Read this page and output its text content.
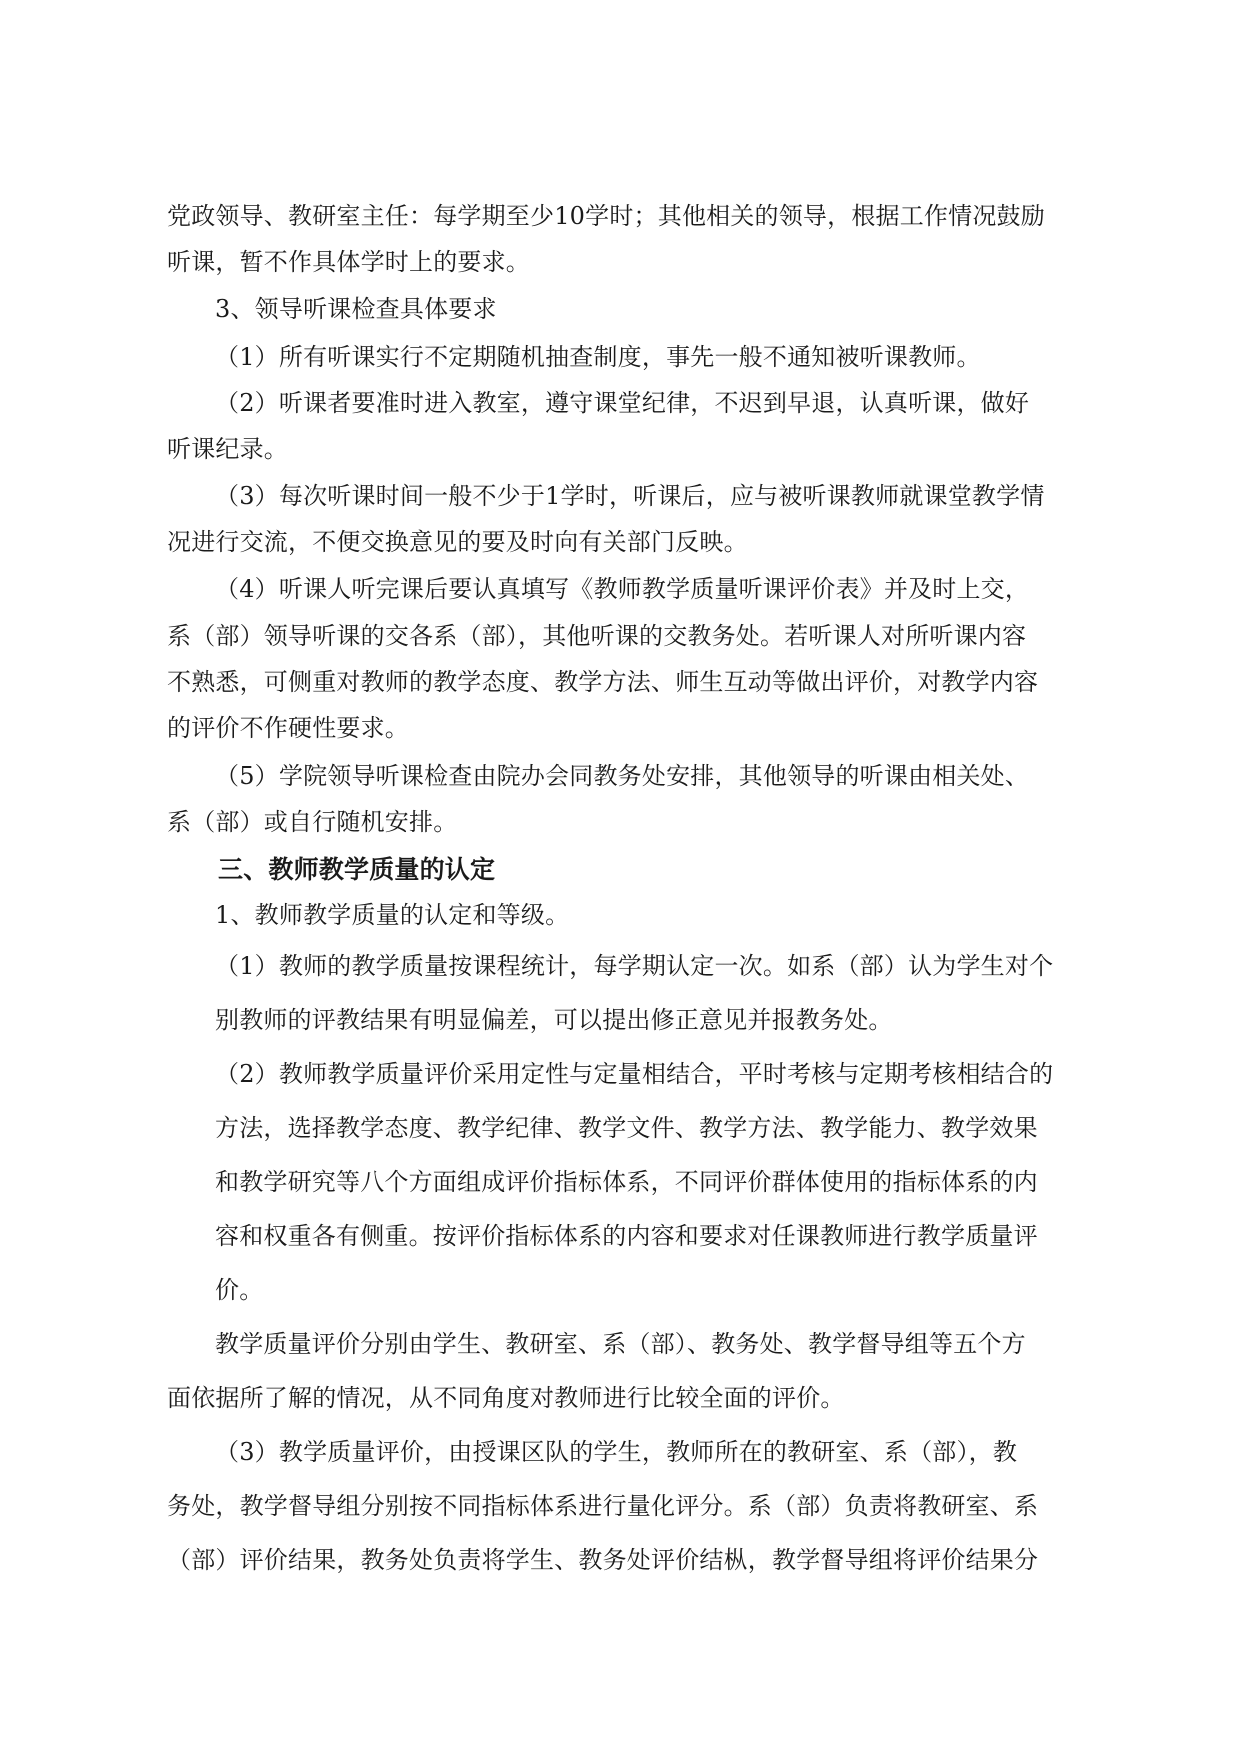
党政领导、教研室主任：每学期至少10学时；其他相关的领导，根据工作情况鼓励

听课，暂不作具体学时上的要求。

3、领导听课检查具体要求

（1）所有听课实行不定期随机抽查制度，事先一般不通知被听课教师。

（2）听课者要准时进入教室，遵守课堂纪律，不迟到早退，认真听课，做好

听课纪录。

（3）每次听课时间一般不少于1学时，听课后，应与被听课教师就课堂教学情

况进行交流，不便交换意见的要及时向有关部门反映。

（4）听课人听完课后要认真填写《教师教学质量听课评价表》并及时上交，

系（部）领导听课的交各系（部），其他听课的交教务处。若听课人对所听课内容

不熟悉，可侧重对教师的教学态度、教学方法、师生互动等做出评价，对教学内容

的评价不作硬性要求。

（5）学院领导听课检查由院办会同教务处安排，其他领导的听课由相关处、

系（部）或自行随机安排。

三、教师教学质量的认定

1、教师教学质量的认定和等级。

（1）教师的教学质量按课程统计，每学期认定一次。如系（部）认为学生对个

别教师的评教结果有明显偏差，可以提出修正意见并报教务处。

（2）教师教学质量评价采用定性与定量相结合，平时考核与定期考核相结合的

方法，选择教学态度、教学纪律、教学文件、教学方法、教学能力、教学效果

和教学研究等八个方面组成评价指标体系，不同评价群体使用的指标体系的内

容和权重各有侧重。按评价指标体系的内容和要求对任课教师进行教学质量评

价。

教学质量评价分别由学生、教研室、系（部）、教务处、教学督导组等五个方

面依据所了解的情况，从不同角度对教师进行比较全面的评价。

（3）教学质量评价，由授课区队的学生，教师所在的教研室、系（部），教

务处，教学督导组分别按不同指标体系进行量化评分。系（部）负责将教研室、系

（部）评价结果，教务处负责将学生、教务处评价结枞，教学督导组将评价结果分
